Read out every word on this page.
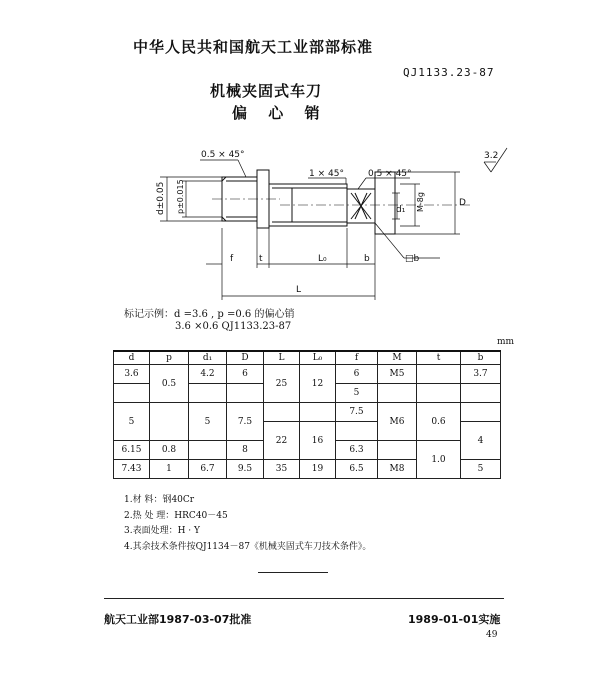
中华人民共和国航天工业部部标准
QJ1133.23-87
机械夹固式车刀
偏 心 销
0.5 × 45°
1 × 45°	0.5 × 45°
3.2
d±0.05 p±0.015	d₁ M-8g	D
f	t	L₀	b
L
□b
标记示例：d =3.6 , p =0.6 的偏心销
3.6 ×0.6 QJ1133.23-87
mm
d	p	d₁	D	L	L₀	f	M	t	b
3.6	0.5	4.2	6	25	12	6	M5		3.7
						5			
5		5	7.5			7.5	M6	0.6	
				22	16				4
6.15	0.8		8			6.3		1.0	
7.43	1	6.7	9.5	35	19	6.5	M8		5
1.材 料：钢40Cr
2.热 处 理：HRC40－45
3.表面处理：H · Y
4.其余技术条件按QJ1134－87《机械夹固式车刀技术条件》。
航天工业部1987-03-07批准	1989-01-01实施
49
